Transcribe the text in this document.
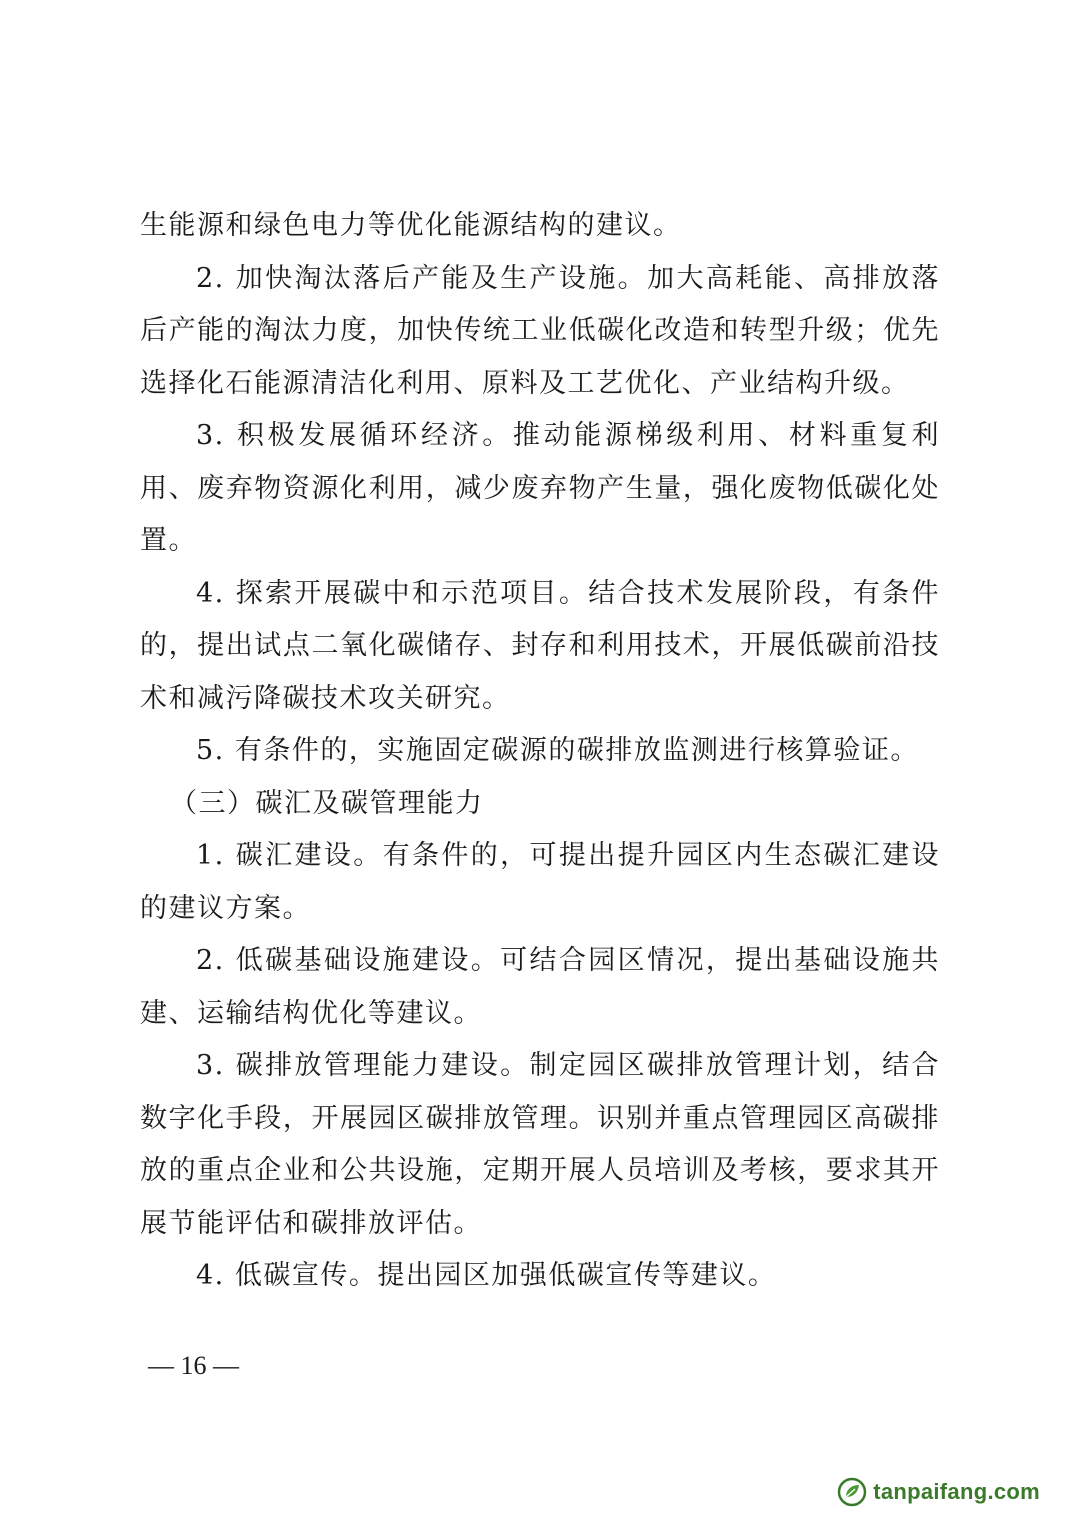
生能源和绿色电力等优化能源结构的建议。

2. 加快淘汰落后产能及生产设施。加大高耗能、高排放落后产能的淘汰力度，加快传统工业低碳化改造和转型升级；优先选择化石能源清洁化利用、原料及工艺优化、产业结构升级。

3. 积极发展循环经济。推动能源梯级利用、材料重复利用、废弃物资源化利用，减少废弃物产生量，强化废物低碳化处置。

4. 探索开展碳中和示范项目。结合技术发展阶段，有条件的，提出试点二氧化碳储存、封存和利用技术，开展低碳前沿技术和减污降碳技术攻关研究。

5. 有条件的，实施固定碳源的碳排放监测进行核算验证。

（三）碳汇及碳管理能力

1. 碳汇建设。有条件的，可提出提升园区内生态碳汇建设的建议方案。

2. 低碳基础设施建设。可结合园区情况，提出基础设施共建、运输结构优化等建议。

3. 碳排放管理能力建设。制定园区碳排放管理计划，结合数字化手段，开展园区碳排放管理。识别并重点管理园区高碳排放的重点企业和公共设施，定期开展人员培训及考核，要求其开展节能评估和碳排放评估。

4. 低碳宣传。提出园区加强低碳宣传等建议。

— 16 —
tanpaifang.com
